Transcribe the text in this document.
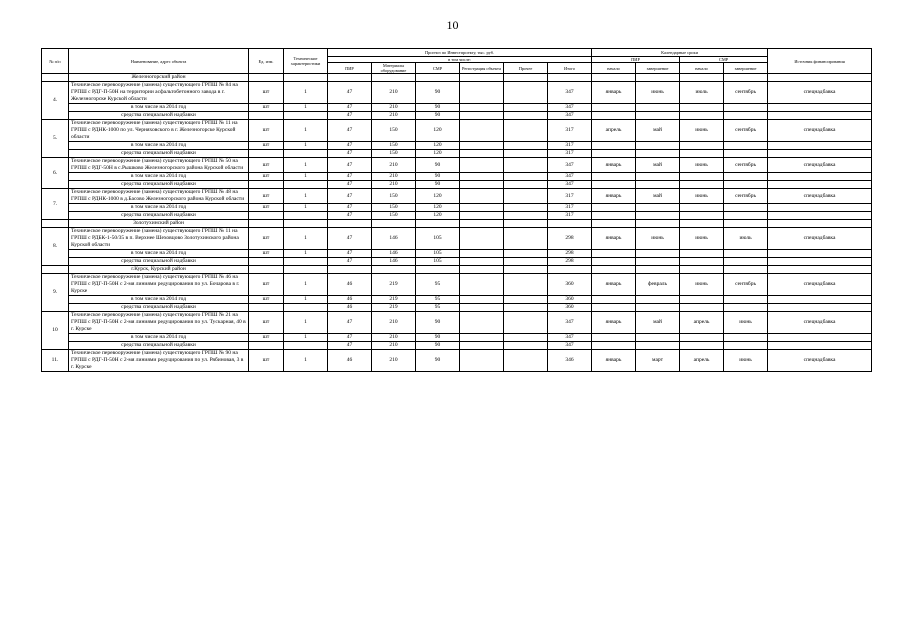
10
№ п/п	Наименование, адрес объекта	Ед. изм.	Технические характеристики	Прогноз по Инвестпроекту, тыс. руб.						Календарные сроки				Источник финансирования
				в том числе:						ПИР		СМР		
				ПИР	Материалы оборудование	СМР	Регистрация объекта	Прочее	Итого	начало	завершение	начало	завершение	
	Железногорский район													
4.	Техническое перевооружение (замена) существующего ГРПШ № 84 на ГРПШ с РДГ-П-50Н на территории асфальтобетонного завода в г. Железногорске Курской области	шт	1	47	210	90			347	январь	июнь	июль	сентябрь	спецнадбавка
	в том числе на 2014 год	шт	1	47	210	90			347					
	средства специальной надбавки			47	210	90			347					
5.	Техническое перевооружение (замена) существующего ГРПШ № 11 на ГРПШ с РДНК-1000 по ул. Черняховского в г. Железногорске Курской области	шт	1	47	150	120			317	апрель	май	июнь	сентябрь	спецнадбавка
	в том числе на 2014 год	шт	1	47	150	120			317					
	средства специальной надбавки			47	150	120			317					
6.	Техническое перевооружение (замена) существующего ГРПШ № 50 на ГРПШ с РДГ-50Н в с.Рышково Железногорского района Курской области	шт	1	47	210	90			347	январь	май	июнь	сентябрь	спецнадбавка
	в том числе на 2014 год	шт	1	47	210	90			347					
	средства специальной надбавки			47	210	90			347					
7.	Техническое перевооружение (замена) существующего ГРПШ № 48 на ГРПШ с РДНК-1000 в д.Басово Железногорского района Курской области	шт	1	47	150	120			317	январь	май	июнь	сентябрь	спецнадбавка
	в том числе на 2014 год	шт	1	47	150	120			317					
	средства специальной надбавки			47	150	120			317					
	Золотухинский район													
8.	Техническое перевооружение (замена) существующего ГРПШ № 11 на ГРПШ с РДБК-1-50/35 в п. Верхнее Шеховцово Золотухинского района Курской области	шт	1	47	146	105			298	январь	июнь	июнь	июль	спецнадбавка
	в том числе на 2014 год	шт	1	47	146	105			298					
	средства специальной надбавки			47	146	105			298					
	г.Курск, Курский район													
9.	Техническое перевооружение (замена) существующего ГРПШ № 46 на ГРПШ с РДГ-П-50Н с 2-мя линиями редуцирования по ул. Бочарова в г. Курске	шт	1	46	219	95			360	январь	февраль	июнь	сентябрь	спецнадбавка
	в том числе на 2014 год	шт	1	46	219	95			360					
	средства специальной надбавки			46	219	95			360					
10	Техническое перевооружение (замена) существующего ГРПШ № 21 на ГРПШ с РДГ-П-50Н с 2-мя линиями редуцирования по ул. Тускарная, 40 в г. Курске	шт	1	47	210	90			347	январь	май	апрель	июнь	спецнадбавка
	в том числе на 2014 год	шт	1	47	210	90			347					
	средства специальной надбавки			47	210	90			347					
11.	Техническое перевооружение (замена) существующего ГРПШ № 90 на ГРПШ с РДГ-П-50Н с 2-мя линиями редуцирования по ул. Рябиновая, 3 в г. Курске	шт	1	46	210	90			346	январь	март	апрель	июнь	спецнадбавка
